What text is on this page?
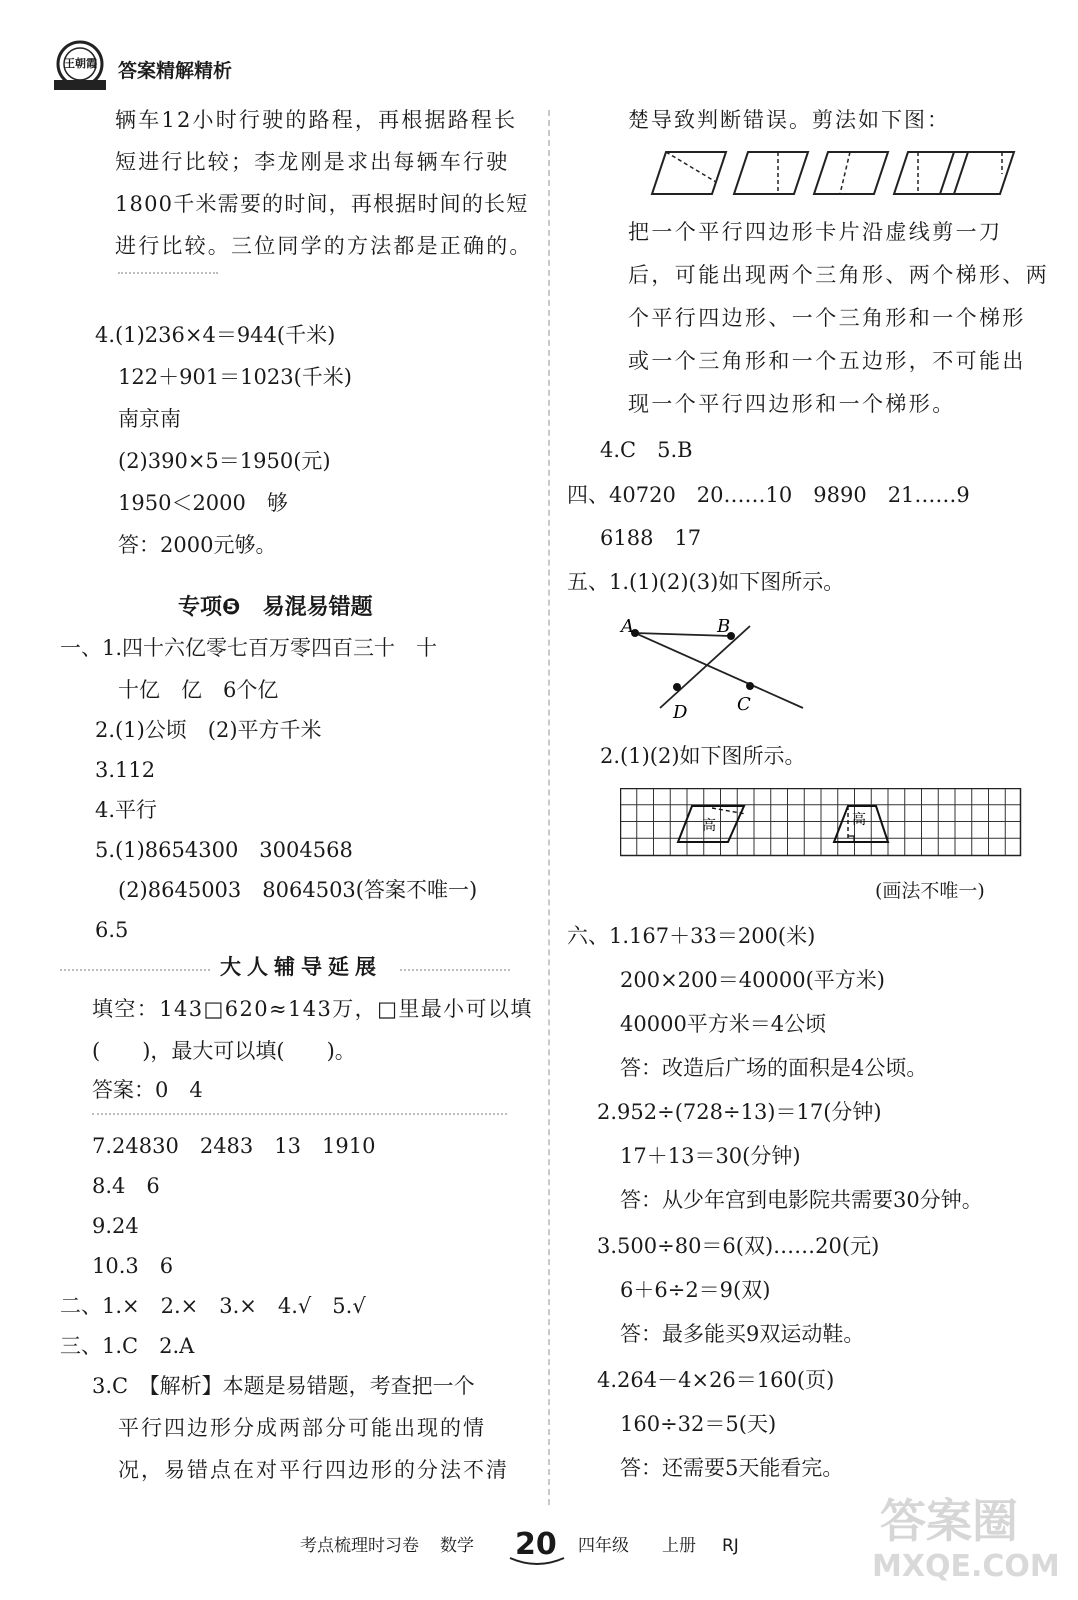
王朝霞 答案精解精析
辆车12小时行驶的路程，再根据路程长
短进行比较；李龙刚是求出每辆车行驶
1800千米需要的时间，再根据时间的长短
进行比较。三位同学的方法都是正确的。
4.(1)236×4＝944(千米)
122＋901＝1023(千米)
南京南
(2)390×5＝1950(元)
1950＜2000　够
答：2000元够。
专项❺　易混易错题
一、1.四十六亿零七百万零四百三十　十
十亿　亿　6个亿
2.(1)公顷　(2)平方千米
3.112
4.平行
5.(1)8654300　3004568
(2)8645003　8064503(答案不唯一)
6.5
大人辅导延展
填空：143□620≈143万，□里最小可以填
(　　)，最大可以填(　　)。
答案：0　4
7.24830　2483　13　1910
8.4　6
9.24
10.3　6
二、1.×　2.×　3.×　4.√　5.√
三、1.C　2.A
3.C　【解析】本题是易错题，考查把一个
平行四边形分成两部分可能出现的情
况，易错点在对平行四边形的分法不清
楚导致判断错误。剪法如下图：
把一个平行四边形卡片沿虚线剪一刀
后，可能出现两个三角形、两个梯形、两
个平行四边形、一个三角形和一个梯形
或一个三角形和一个五边形，不可能出
现一个平行四边形和一个梯形。
4.C　5.B
四、40720　20……10　9890　21……9
6188　17
五、1.(1)(2)(3)如下图所示。
A	B
C
D
2.(1)(2)如下图所示。
高	高
(画法不唯一)
六、1.167＋33＝200(米)
200×200＝40000(平方米)
40000平方米＝4公顷
答：改造后广场的面积是4公顷。
2.952÷(728÷13)＝17(分钟)
17＋13＝30(分钟)
答：从少年宫到电影院共需要30分钟。
3.500÷80＝6(双)……20(元)
6＋6÷2＝9(双)
答：最多能买9双运动鞋。
4.264－4×26＝160(页)
160÷32＝5(天)
答：还需要5天能看完。
考点梳理时习卷 数学 20 四年级 上册 RJ	答案圈
MXQE.COM
